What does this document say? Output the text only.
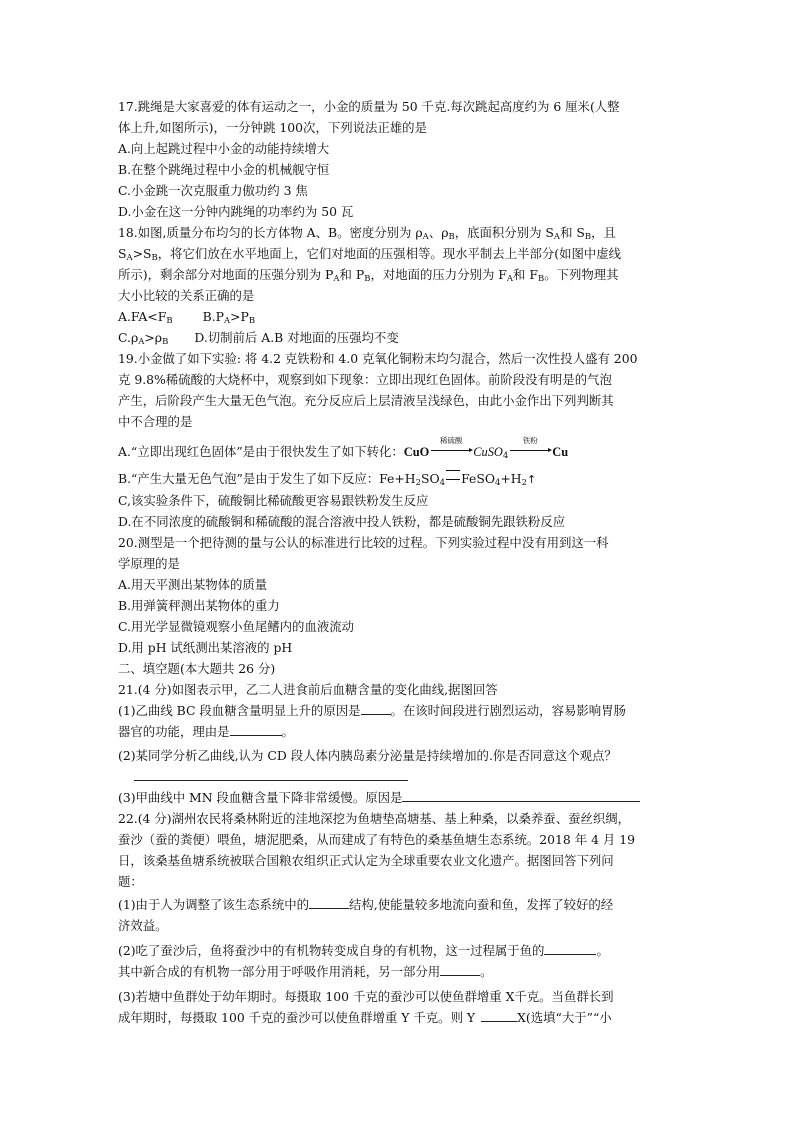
17.跳绳是大家喜爱的体有运动之一，小金的质量为 50 千克.每次跳起高度约为 6 厘米(人整
体上升,如图所示)，一分钟跳 100次，下列说法正雄的是
A.向上起跳过程中小金的动能持续增大
B.在整个跳绳过程中小金的机械舰守恒
C.小金跳一次克服重力傲功约 3 焦
D.小金在这一分钟内跳绳的功率约为 50 瓦
18.如图,质量分布均匀的长方体物 A、B。密度分别为 $\rho_A$、$\rho_B$，底面积分别为 $S_A$和 $S_B$，且
$S_A>S_B$，将它们放在水平地面上，它们对地面的压强相等。现水平制去上半部分(如图中虚线
所示)，剩余部分对地面的压强分别为 $P_A$和 $P_B$，对地面的压力分别为 $F_A$和 $F_B$。下列物理其
大小比较的关系正确的是
$A.FA<F_B$ $B.P_A>P_B$
$C.\rho_A>\rho_B$ D.切制前后 A.B 对地面的压强均不变
19.小金做了如下实验: 将 4.2 克铁粉和 4.0 克氧化铜粉末均匀混合，然后一次性投人盛有 200
克 9.8%稀硫酸的大烧杯中，观察到如下现象：立即出现红色固体。前阶段没有明是的气泡
产生，后阶段产生大量无色气泡。充分反应后上层清液呈浅绿色，由此小金作出下列判断其
中不合理的是
A.“立即出现红色固体”是由于很快发生了如下转化：CuO
稀硫酸
CuSO$_4$
铁粉
Cu
B.“产生大量无色气泡”是由于发生了如下反应：$Fe+H_2SO_4$ $FeSO_4+H_2↑$
C,该实验条件下，硫酸铜比稀硫酸更容易跟铁粉发生反应
D.在不同浓度的硫酸铜和稀硫酸的混合溶液中投人铁粉，都是硫酸铜先跟铁粉反应
20.测型是一个把待测的量与公认的标准进行比较的过程。下列实验过程中没有用到这一科
学原理的是
A.用天平测出某物体的质量
B.用弹簧秤测出某物体的重力
C.用光学显微镜观察小鱼尾鳍内的血液流动
D.用 pH 试纸测出某溶液的 pH
二、填空题(本大题共 26 分)
21.(4 分)如图表示甲，乙二人进食前后血糖含量的变化曲线,据图回答
(1)乙曲线 BC 段血糖含量明显上升的原因是 。在该时间段进行剧烈运动，容易影响胃肠
器官的功能，理由是	。
(2)某同学分析乙曲线,认为 CD 段人体内胰岛素分泌量是持续增加的.你是否同意这个观点？
(3)甲曲线中 MN 段血糖含量下降非常缓慢。原因是
22.(4 分)湖州农民将桑林附近的洼地深挖为鱼塘垫高塘基、基上种桑，以桑养蚕、蚕丝织绸，
蚕沙（蚕的粪便）喂鱼，塘泥肥桑，从而建成了有特色的桑基鱼塘生态系统。2018 年 4 月 19
日，该桑基鱼塘系统被联合国粮农组织正式认定为全球重要农业文化遗产。据图回答下列问
题：
(1)由于人为调整了该生态系统中的	结构,使能量较多地流向蚕和鱼，发挥了较好的经
济效益。
(2)吃了蚕沙后，鱼将蚕沙中的有机物转变成自身的有机物，这一过程属于鱼的	。
其中新合成的有机物一部分用于呼吸作用消耗，另一部分用	。
(3)若塘中鱼群处于幼年期时。每摄取 100 千克的蚕沙可以使鱼群增重 X千克。当鱼群长到
成年期时，每摄取 100 千克的蚕沙可以使鱼群增重 Y 千克。则 Y	X(选填“大于”“小
